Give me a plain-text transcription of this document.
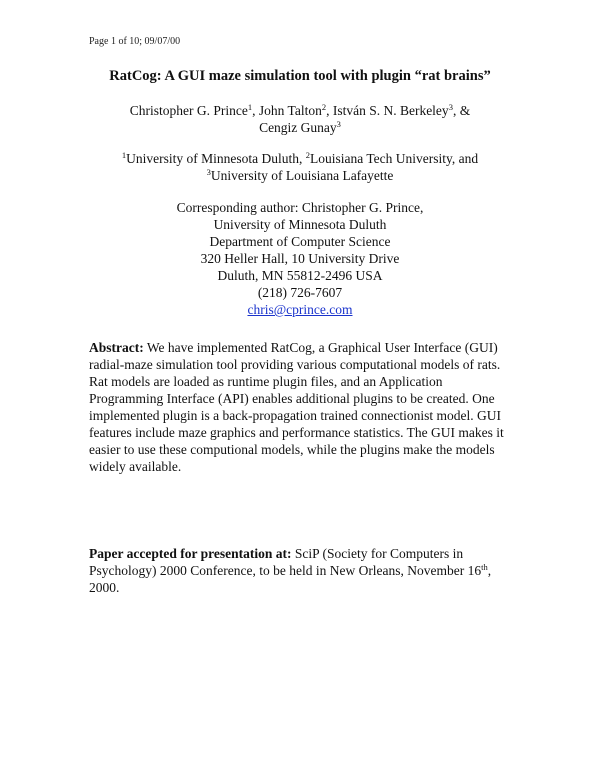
Page 1 of 10; 09/07/00
RatCog: A GUI maze simulation tool with plugin “rat brains”
Christopher G. Prince$^1$, John Talton$^2$, István S. N. Berkeley$^3$, &
Cengiz Gunay$^3$
$^1$University of Minnesota Duluth, $^2$Louisiana Tech University, and
$^3$University of Louisiana Lafayette
Corresponding author: Christopher G. Prince,
University of Minnesota Duluth
Department of Computer Science
320 Heller Hall, 10 University Drive
Duluth, MN 55812-2496 USA
(218) 726-7607
chris@cprince.com
Abstract: We have implemented RatCog, a Graphical User Interface (GUI) radial-maze simulation tool providing various computational models of rats. Rat models are loaded as runtime plugin files, and an Application Programming Interface (API) enables additional plugins to be created. One implemented plugin is a back-propagation trained connectionist model. GUI features include maze graphics and performance statistics. The GUI makes it easier to use these computional models, while the plugins make the models widely available.
Paper accepted for presentation at: SciP (Society for Computers in Psychology) 2000 Conference, to be held in New Orleans, November 16th, 2000.
